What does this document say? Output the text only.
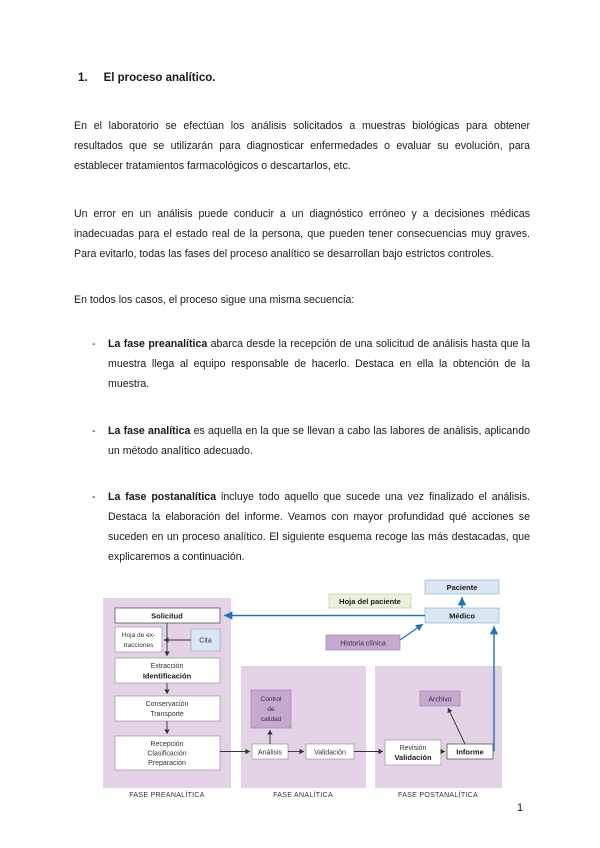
1. El proceso analítico.
En el laboratorio se efectúan los análisis solicitados a muestras biológicas para obtener resultados que se utilizarán para diagnosticar enfermedades o evaluar su evolución, para establecer tratamientos farmacológicos o descartarlos, etc.
Un error en un análisis puede conducir a un diagnóstico erróneo y a decisiones médicas inadecuadas para el estado real de la persona, que pueden tener consecuencias muy graves. Para evitarlo, todas las fases del proceso analítico se desarrollan bajo estrictos controles.
En todos los casos, el proceso sigue una misma secuencia:
- La fase preanalítica abarca desde la recepción de una solicitud de análisis hasta que la muestra llega al equipo responsable de hacerlo. Destaca en ella la obtención de la muestra.
- La fase analítica es aquella en la que se llevan a cabo las labores de análisis, aplicando un método analítico adecuado.
- La fase postanalítica incluye todo aquello que sucede una vez finalizado el análisis. Destaca la elaboración del informe. Veamos con mayor profundidad qué acciones se suceden en un proceso analítico. El siguiente esquema recoge las más destacadas, que explicaremos a continuación.
Paciente
Médico
Hoja del paciente
Historia clínica
Solicitud
Hoja de ex-
tracciones
Cita
Extracción
Identificación
Conservación
Transporte
Recepción
Clasificación
Preparación
Control
de
calidad
Análisis	Validación
Archivo
Revisión
Validación
Informe
FASE PREANALÍTICA	FASE ANALÍTICA	FASE POSTANALÍTICA
1
